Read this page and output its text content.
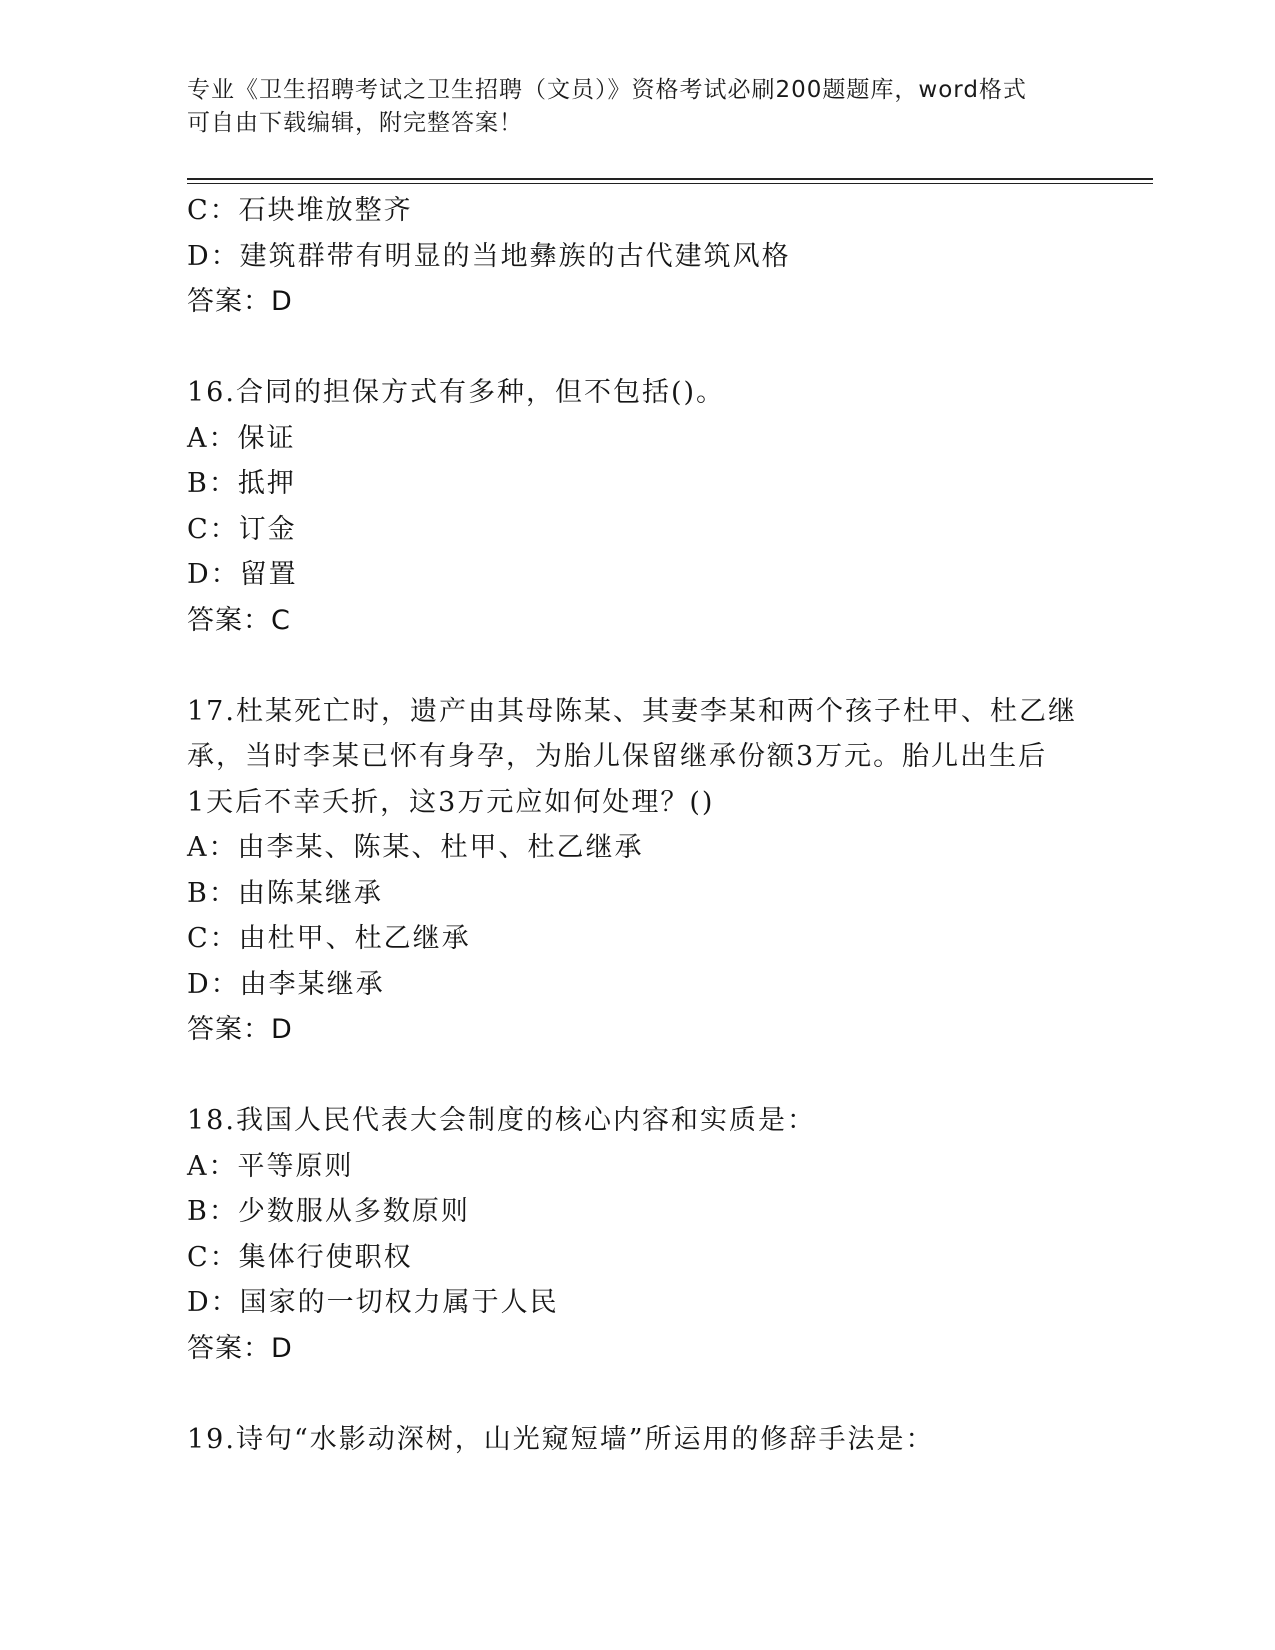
专业《卫生招聘考试之卫生招聘（文员）》资格考试必刷200题题库，word格式
可自由下载编辑，附完整答案！
C：石块堆放整齐
D：建筑群带有明显的当地彝族的古代建筑风格
答案：D
16.合同的担保方式有多种，但不包括()。
A：保证
B：抵押
C：订金
D：留置
答案：C
17.杜某死亡时，遗产由其母陈某、其妻李某和两个孩子杜甲、杜乙继
承，当时李某已怀有身孕，为胎儿保留继承份额3万元。胎儿出生后
1天后不幸夭折，这3万元应如何处理？()
A：由李某、陈某、杜甲、杜乙继承
B：由陈某继承
C：由杜甲、杜乙继承
D：由李某继承
答案：D
18.我国人民代表大会制度的核心内容和实质是：
A：平等原则
B：少数服从多数原则
C：集体行使职权
D：国家的一切权力属于人民
答案：D
19.诗句“水影动深树，山光窥短墙”所运用的修辞手法是：
